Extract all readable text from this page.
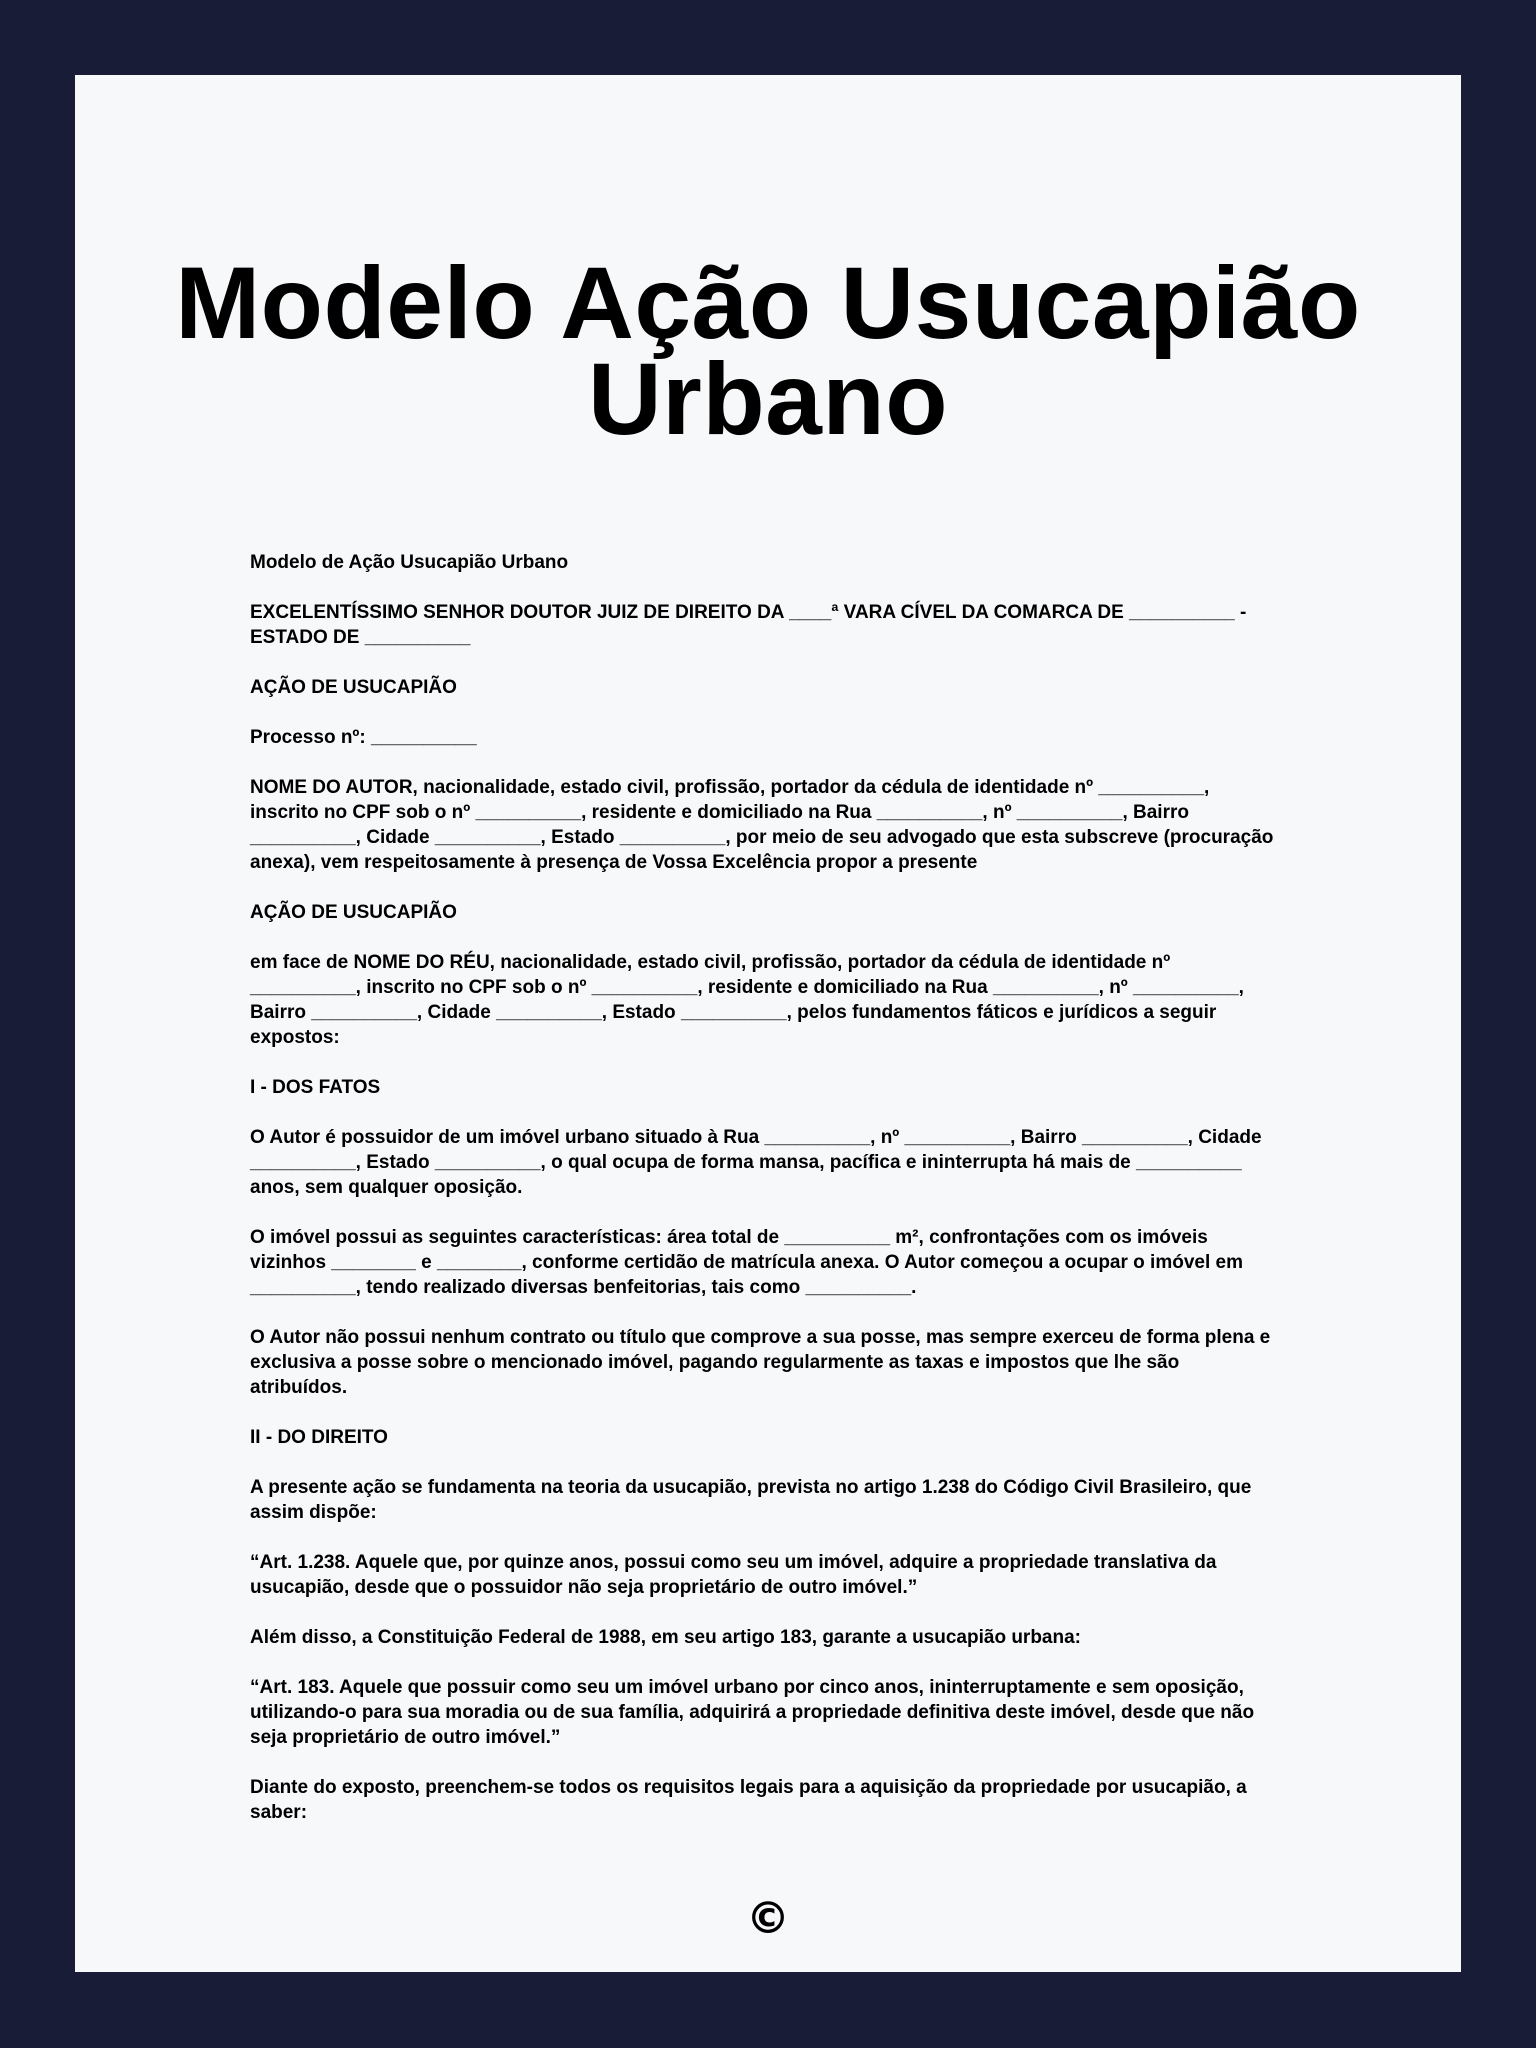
Modelo Ação Usucapião
Urbano

Modelo de Ação Usucapião Urbano

EXCELENTÍSSIMO SENHOR DOUTOR JUIZ DE DIREITO DA ____ª VARA CÍVEL DA COMARCA DE __________ - ESTADO DE __________

AÇÃO DE USUCAPIÃO

Processo nº: __________

NOME DO AUTOR, nacionalidade, estado civil, profissão, portador da cédula de identidade nº __________, inscrito no CPF sob o nº __________, residente e domiciliado na Rua __________, nº __________, Bairro __________, Cidade __________, Estado __________, por meio de seu advogado que esta subscreve (procuração anexa), vem respeitosamente à presença de Vossa Excelência propor a presente

AÇÃO DE USUCAPIÃO

em face de NOME DO RÉU, nacionalidade, estado civil, profissão, portador da cédula de identidade nº __________, inscrito no CPF sob o nº __________, residente e domiciliado na Rua __________, nº __________, Bairro __________, Cidade __________, Estado __________, pelos fundamentos fáticos e jurídicos a seguir expostos:

I - DOS FATOS

O Autor é possuidor de um imóvel urbano situado à Rua __________, nº __________, Bairro __________, Cidade __________, Estado __________, o qual ocupa de forma mansa, pacífica e ininterrupta há mais de __________ anos, sem qualquer oposição.

O imóvel possui as seguintes características: área total de __________ m², confrontações com os imóveis vizinhos ________ e ________, conforme certidão de matrícula anexa. O Autor começou a ocupar o imóvel em __________, tendo realizado diversas benfeitorias, tais como __________.

O Autor não possui nenhum contrato ou título que comprove a sua posse, mas sempre exerceu de forma plena e exclusiva a posse sobre o mencionado imóvel, pagando regularmente as taxas e impostos que lhe são atribuídos.

II - DO DIREITO

A presente ação se fundamenta na teoria da usucapião, prevista no artigo 1.238 do Código Civil Brasileiro, que assim dispõe:

“Art. 1.238. Aquele que, por quinze anos, possui como seu um imóvel, adquire a propriedade translativa da usucapião, desde que o possuidor não seja proprietário de outro imóvel.”

Além disso, a Constituição Federal de 1988, em seu artigo 183, garante a usucapião urbana:

“Art. 183. Aquele que possuir como seu um imóvel urbano por cinco anos, ininterruptamente e sem oposição, utilizando-o para sua moradia ou de sua família, adquirirá a propriedade definitiva deste imóvel, desde que não seja proprietário de outro imóvel.”

Diante do exposto, preenchem-se todos os requisitos legais para a aquisição da propriedade por usucapião, a saber:

©
